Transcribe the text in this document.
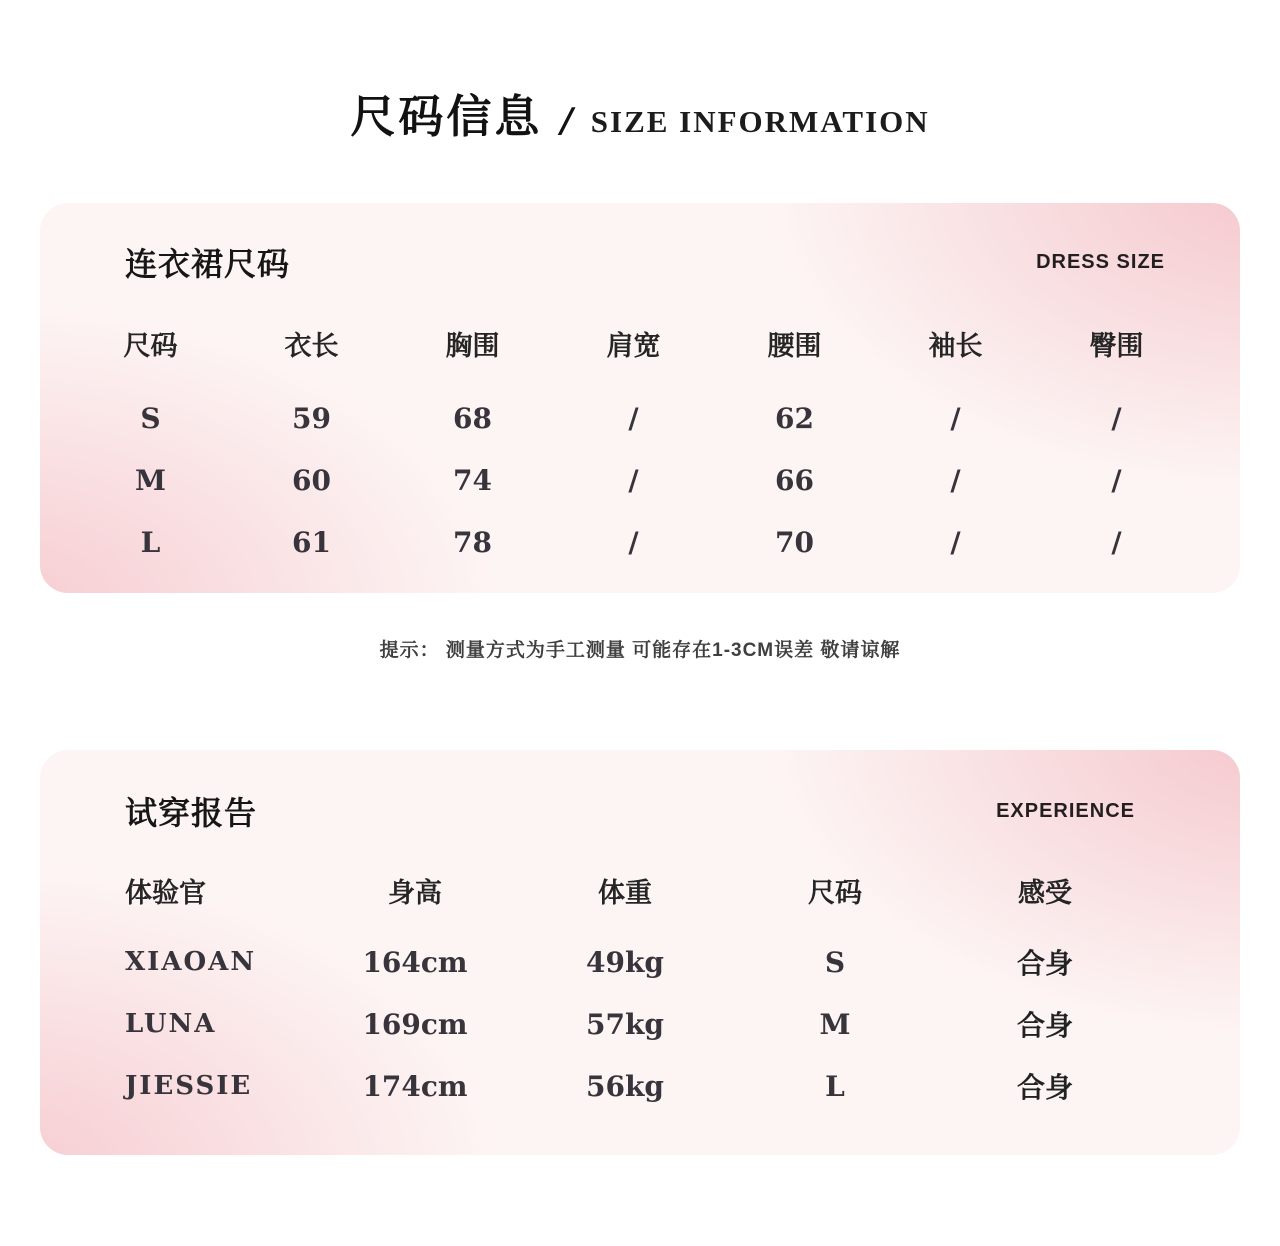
尺码信息 / SIZE INFORMATION
连衣裙尺码	DRESS SIZE
尺码	衣长	胸围	肩宽	腰围	袖长	臀围
S	59	68	/	62	/	/
M	60	74	/	66	/	/
L	61	78	/	70	/	/
提示： 测量方式为手工测量 可能存在1-3CM误差 敬请谅解
试穿报告	EXPERIENCE
体验官	身高	体重	尺码	感受
XIAOAN	164cm	49kg	S	合身
LUNA	169cm	57kg	M	合身
JIESSIE	174cm	56kg	L	合身
